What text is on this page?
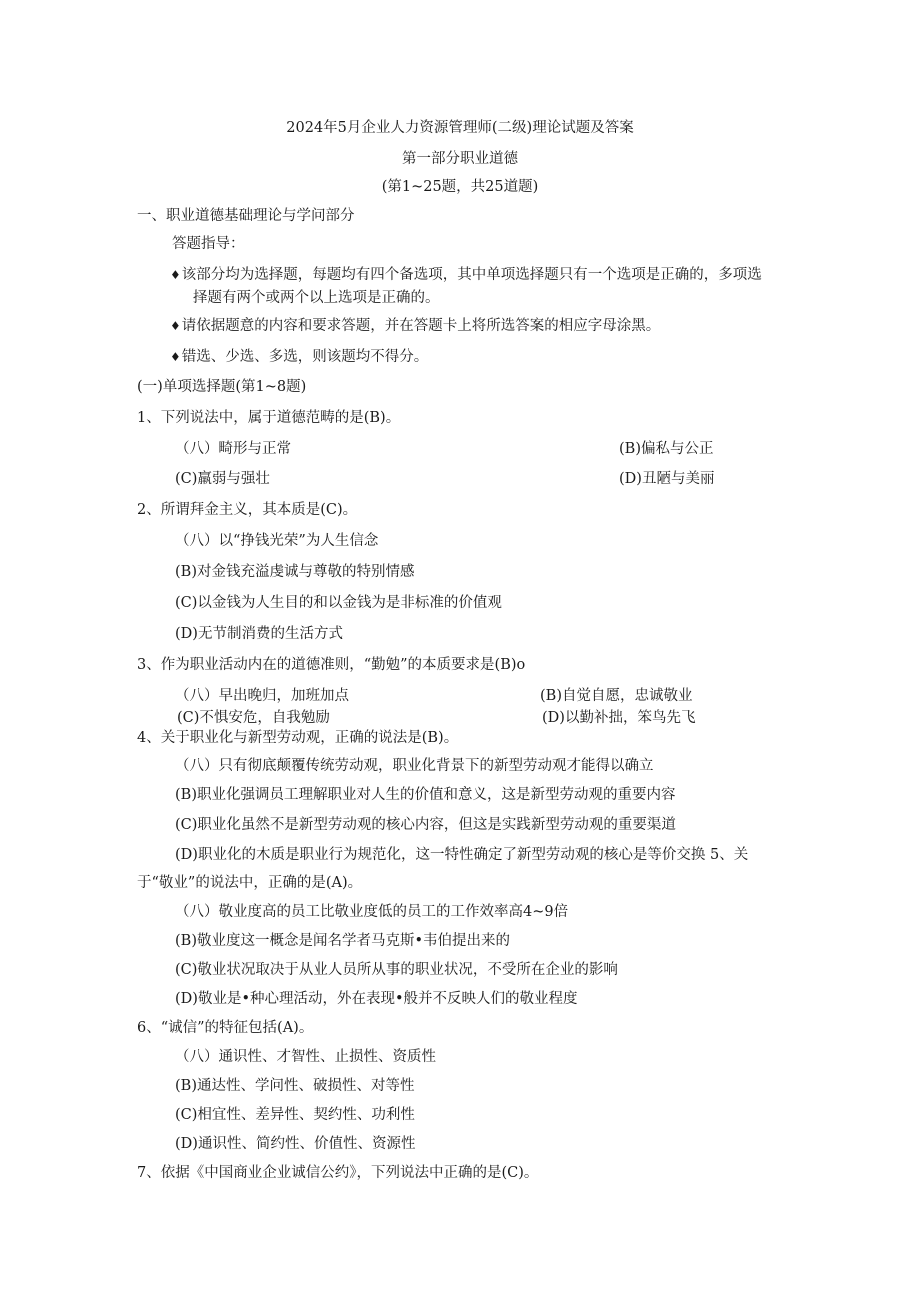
2024年5月企业人力资源管理师(二级)理论试题及答案
第一部分职业道德
(第1~25题，共25道题)
一、职业道德基础理论与学问部分
答题指导：
♦该部分均为选择题，每题均有四个备选项，其中单项选择题只有一个选项是正确的，多项选
择题有两个或两个以上选项是正确的。
♦请依据题意的内容和要求答题，并在答题卡上将所选答案的相应字母涂黑。
♦错选、少选、多选，则该题均不得分。
(一)单项选择题(第1~8题)
1、下列说法中，属于道德范畴的是(B)。
（八）畸形与正常	(B)偏私与公正
(C)羸弱与强壮	(D)丑陋与美丽
2、所谓拜金主义，其本质是(C)。
（八）以“挣钱光荣”为人生信念
(B)对金钱充溢虔诚与尊敬的特别情感
(C)以金钱为人生目的和以金钱为是非标准的价值观
(D)无节制消费的生活方式
3、作为职业活动内在的道德准则，“勤勉”的本质要求是(B)o
（八）早出晚归，加班加点	(B)自觉自愿，忠诚敬业
(C)不惧安危，自我勉励	(D)以勤补拙，笨鸟先飞
4、关于职业化与新型劳动观，正确的说法是(B)。
（八）只有彻底颠覆传统劳动观，职业化背景下的新型劳动观才能得以确立
(B)职业化强调员工理解职业对人生的价值和意义，这是新型劳动观的重要内容
(C)职业化虽然不是新型劳动观的核心内容，但这是实践新型劳动观的重要渠道
(D)职业化的木质是职业行为规范化，这一特性确定了新型劳动观的核心是等价交换 5、关
于“敬业”的说法中，正确的是(A)。
（八）敬业度高的员工比敬业度低的员工的工作效率高4~9倍
(B)敬业度这一概念是闻名学者马克斯•韦伯提出来的
(C)敬业状况取决于从业人员所从事的职业状况，不受所在企业的影响
(D)敬业是•种心理活动，外在表现•般并不反映人们的敬业程度
6、“诚信”的特征包括(A)。
（八）通识性、才智性、止损性、资质性
(B)通达性、学问性、破损性、对等性
(C)相宜性、差异性、契约性、功利性
(D)通识性、简约性、价值性、资源性
7、依据《中国商业企业诚信公约》，下列说法中正确的是(C)。
